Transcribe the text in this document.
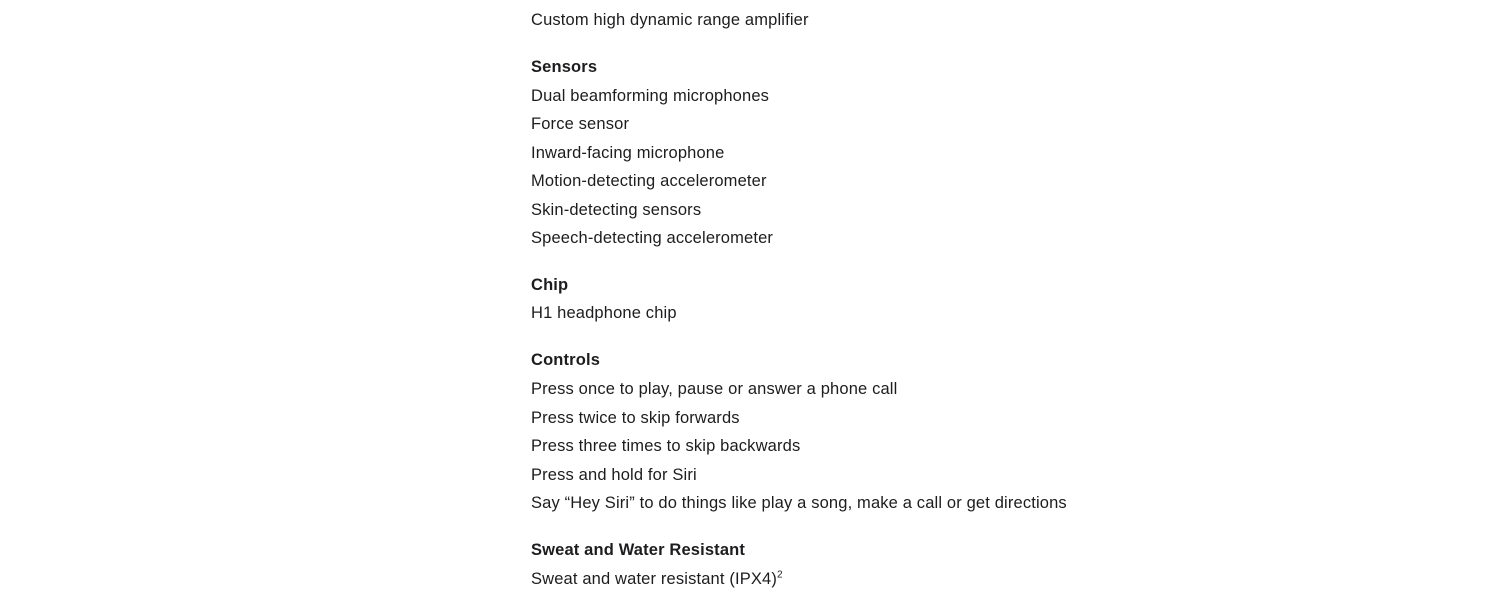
Custom high dynamic range amplifier
Sensors
Dual beamforming microphones
Force sensor
Inward-facing microphone
Motion-detecting accelerometer
Skin-detecting sensors
Speech-detecting accelerometer
Chip
H1 headphone chip
Controls
Press once to play, pause or answer a phone call
Press twice to skip forwards
Press three times to skip backwards
Press and hold for Siri
Say “Hey Siri” to do things like play a song, make a call or get directions
Sweat and Water Resistant
Sweat and water resistant $(IPX4)^2$
